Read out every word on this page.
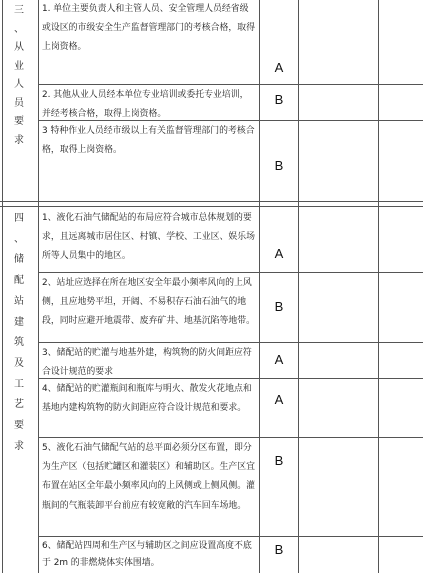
三
、
从
业
人
员
要
求
1. 单位主要负责人和主管人员、安全管理人员经省级或设区的市级安全生产监督管理部门的考核合格，取得上岗资格。
A
2. 其他从业人员经本单位专业培训或委托专业培训，并经考核合格，取得上岗资格。
B
3 特种作业人员经市级以上有关监督管理部门的考核合格，取得上岗资格。
B
四
、
储
配
站
建
筑
及
工
艺
要
求
1、液化石油气储配站的布局应符合城市总体规划的要求，且远离城市居住区、村镇、学校、工业区、娱乐场所等人员集中的地区。	A
2、站址应选择在所在地区安全年最小频率风向的上风侧，且应地势平坦，开阔、不易积存石油石油气的地段，同时应避开地震带、废弃矿井、地基沉陷等地带。
B
3、储配站的贮灌与地基外建，构筑物的防火间距应符合设计规范的要求
A
4、储配站的贮灌瓶间和瓶库与明火、散发火花地点和基地内建构筑物的防火间距应符合设计规范和要求。
A
5、液化石油气储配气站的总平面必须分区布置，即分为生产区（包括贮罐区和灌装区）和辅助区。生产区宜布置在站区全年最小频率风向的上风侧或上侧风侧。灌瓶间的气瓶装卸平台前应有较宽敞的汽车回车场地。
B
6、储配站四周和生产区与辅助区之间应设置高度不底于 2m 的非燃烧体实体围墙。
B
